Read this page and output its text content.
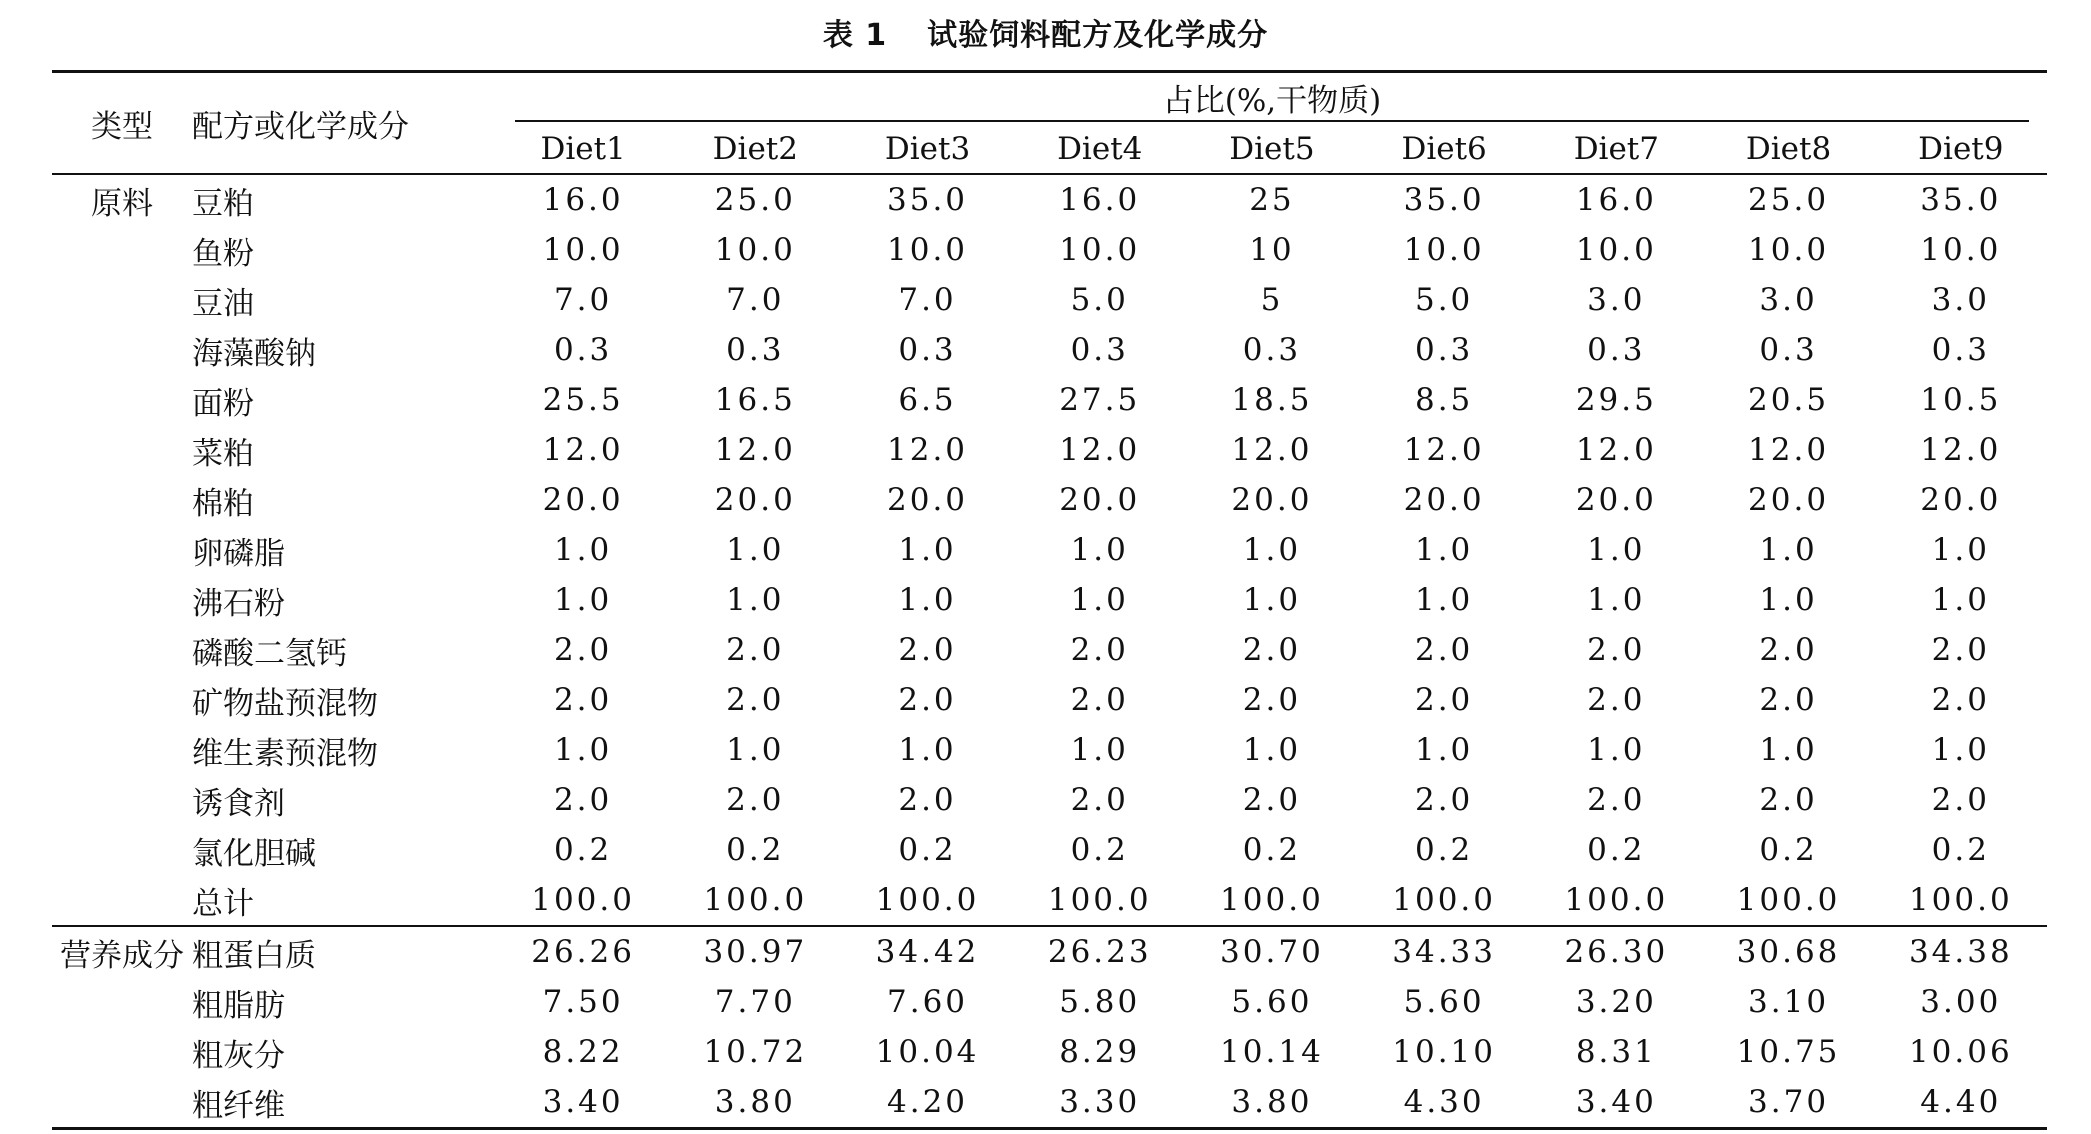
表 1 试验饲料配方及化学成分
类型	配方或化学成分	占比(%,干物质)								

		Diet1	Diet2	Diet3	Diet4	Diet5	Diet6	Diet7	Diet8	Diet9
原料	豆粕	16.0	25.0	35.0	16.0	25	35.0	16.0	25.0	35.0
	鱼粉	10.0	10.0	10.0	10.0	10	10.0	10.0	10.0	10.0
	豆油	7.0	7.0	7.0	5.0	5	5.0	3.0	3.0	3.0
	海藻酸钠	0.3	0.3	0.3	0.3	0.3	0.3	0.3	0.3	0.3
	面粉	25.5	16.5	6.5	27.5	18.5	8.5	29.5	20.5	10.5
	菜粕	12.0	12.0	12.0	12.0	12.0	12.0	12.0	12.0	12.0
	棉粕	20.0	20.0	20.0	20.0	20.0	20.0	20.0	20.0	20.0
	卵磷脂	1.0	1.0	1.0	1.0	1.0	1.0	1.0	1.0	1.0
	沸石粉	1.0	1.0	1.0	1.0	1.0	1.0	1.0	1.0	1.0
	磷酸二氢钙	2.0	2.0	2.0	2.0	2.0	2.0	2.0	2.0	2.0
	矿物盐预混物	2.0	2.0	2.0	2.0	2.0	2.0	2.0	2.0	2.0
	维生素预混物	1.0	1.0	1.0	1.0	1.0	1.0	1.0	1.0	1.0
	诱食剂	2.0	2.0	2.0	2.0	2.0	2.0	2.0	2.0	2.0
	氯化胆碱	0.2	0.2	0.2	0.2	0.2	0.2	0.2	0.2	0.2
	总计	100.0	100.0	100.0	100.0	100.0	100.0	100.0	100.0	100.0
营养成分	粗蛋白质	26.26	30.97	34.42	26.23	30.70	34.33	26.30	30.68	34.38
	粗脂肪	7.50	7.70	7.60	5.80	5.60	5.60	3.20	3.10	3.00
	粗灰分	8.22	10.72	10.04	8.29	10.14	10.10	8.31	10.75	10.06
	粗纤维	3.40	3.80	4.20	3.30	3.80	4.30	3.40	3.70	4.40
